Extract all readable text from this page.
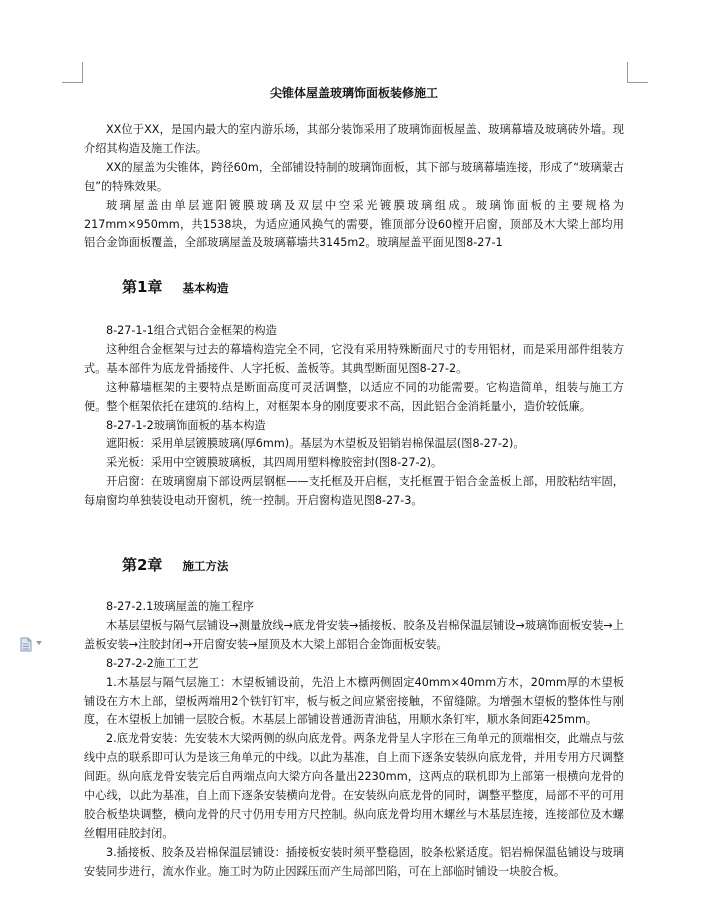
尖锥体屋盖玻璃饰面板装修施工

XX位于XX，是国内最大的室内游乐场，其部分装饰采用了玻璃饰面板屋盖、玻璃幕墙及玻璃砖外墙。现介绍其构造及施工作法。

XX的屋盖为尖锥体，跨径60m，全部铺设特制的玻璃饰面板，其下部与玻璃幕墙连接，形成了“玻璃蒙古包”的特殊效果。

玻璃屋盖由单层遮阳镀膜玻璃及双层中空采光镀膜玻璃组成。玻璃饰面板的主要规格为217mm×950mm，共1538块，为适应通风换气的需要，锥顶部分设60樘开启窗，顶部及木大梁上部均用铝合金饰面板覆盖，全部玻璃屋盖及玻璃幕墙共3145m2。玻璃屋盖平面见图8-27-1

第1章 基本构造

8-27-1-1组合式铝合金框架的构造

这种组合金框架与过去的幕墙构造完全不同，它没有采用特殊断面尺寸的专用铝材，而是采用部件组装方式。基本部件为底龙骨插接件、人字托板、盖板等。其典型断面见图8-27-2。

这种幕墙框架的主要特点是断面高度可灵活调整，以适应不同的功能需要。它构造简单，组装与施工方便。整个框架依托在建筑的.结构上，对框架本身的刚度要求不高，因此铝合金消耗量小，造价较低廉。

8-27-1-2玻璃饰面板的基本构造

遮阳板：采用单层镀膜玻璃(厚6mm)。基层为木望板及铝销岩棉保温层(图8-27-2)。

采光板：采用中空镀膜玻璃板，其四周用塑料橡胶密封(图8-27-2)。

开启窗：在玻璃窗扇下部设两层钢框——支托框及开启框，支托框置于铝合金盖板上部，用胶粘结牢固，每扇窗均单独装设电动开窗机，统一控制。开启窗构造见图8-27-3。

第2章 施工方法

8-27-2.1玻璃屋盖的施工程序

木基层望板与隔气层铺设→测量放线→底龙骨安装→插接板、胶条及岩棉保温层铺设→玻璃饰面板安装→上盖板安装→注胶封闭→开启窗安装→屋顶及木大梁上部铝合金饰面板安装。

8-27-2-2施工工艺

1.木基层与隔气层施工：木望板铺设前，先沿上木檩两侧固定40mm×40mm方木，20mm厚的木望板铺设在方木上部，望板两端用2个铁钉钉牢，板与板之间应紧密接触，不留缝隙。为增强木望板的整体性与刚度，在木望板上加铺一层胶合板。木基层上部铺设普通沥青油毡，用顺水条钉牢，顺水条间距425mm。

2.底龙骨安装：先安装木大梁两侧的纵向底龙骨。两条龙骨呈人字形在三角单元的顶端相交，此端点与弦线中点的联系即可认为是该三角单元的中线。以此为基准，自上而下逐条安装纵向底龙骨，并用专用方尺调整间距。纵向底龙骨安装完后自两端点向大梁方向各量出2230mm，这两点的联机即为上部第一根横向龙骨的中心线，以此为基准，自上而下逐条安装横向龙骨。在安装纵向底龙骨的同时，调整平整度，局部不平的可用胶合板垫块调整，横向龙骨的尺寸仍用专用方尺控制。纵向底龙骨均用木螺丝与木基层连接，连接部位及木螺丝帽用硅胶封闭。

3.插接板、胶条及岩棉保温层铺设：插接板安装时须平整稳固，胶条松紧适度。铝岩棉保温毡铺设与玻璃安装同步进行，流水作业。施工时为防止因踩压而产生局部凹陷，可在上部临时铺设一块胶合板。
